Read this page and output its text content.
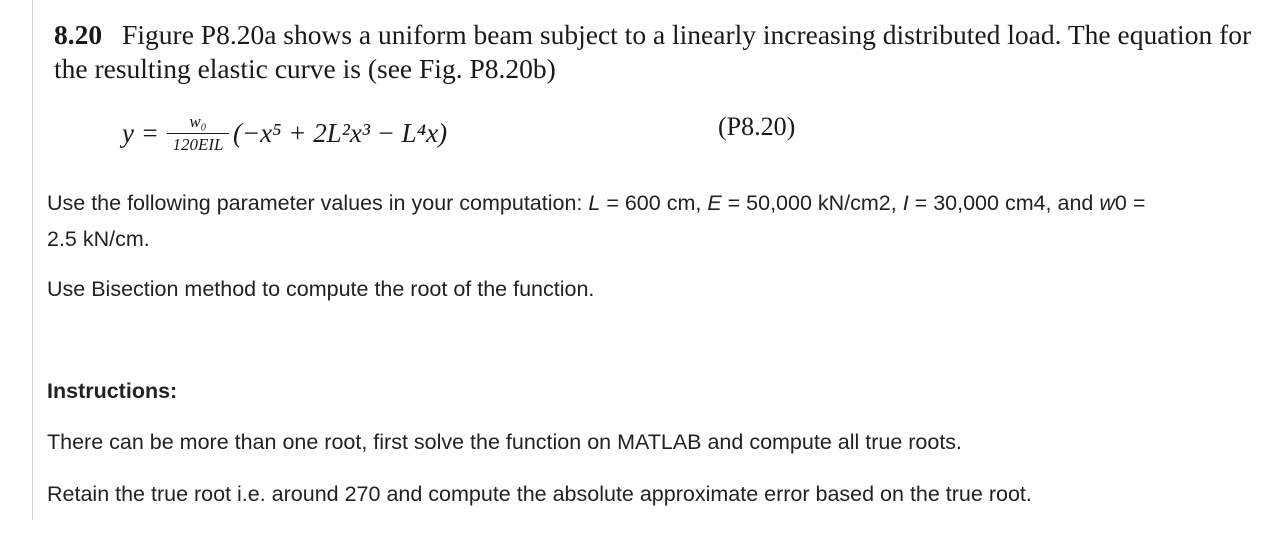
8.20 Figure P8.20a shows a uniform beam subject to a linearly increasing distributed load. The equation for the resulting elastic curve is (see Fig. P8.20b)
$y = \frac{\text{w₀}}{\text{120EIL}} (-x^5 + 2L^2x^3 - L^4x)$	(P8.20)
Use the following parameter values in your computation: L = 600 cm, E = 50,000 kN/cm2, I = 30,000 cm4, and w0 = 2.5 kN/cm.
Use Bisection method to compute the root of the function.
Instructions:
There can be more than one root, first solve the function on MATLAB and compute all true roots.
Retain the true root i.e. around 270 and compute the absolute approximate error based on the true root.
